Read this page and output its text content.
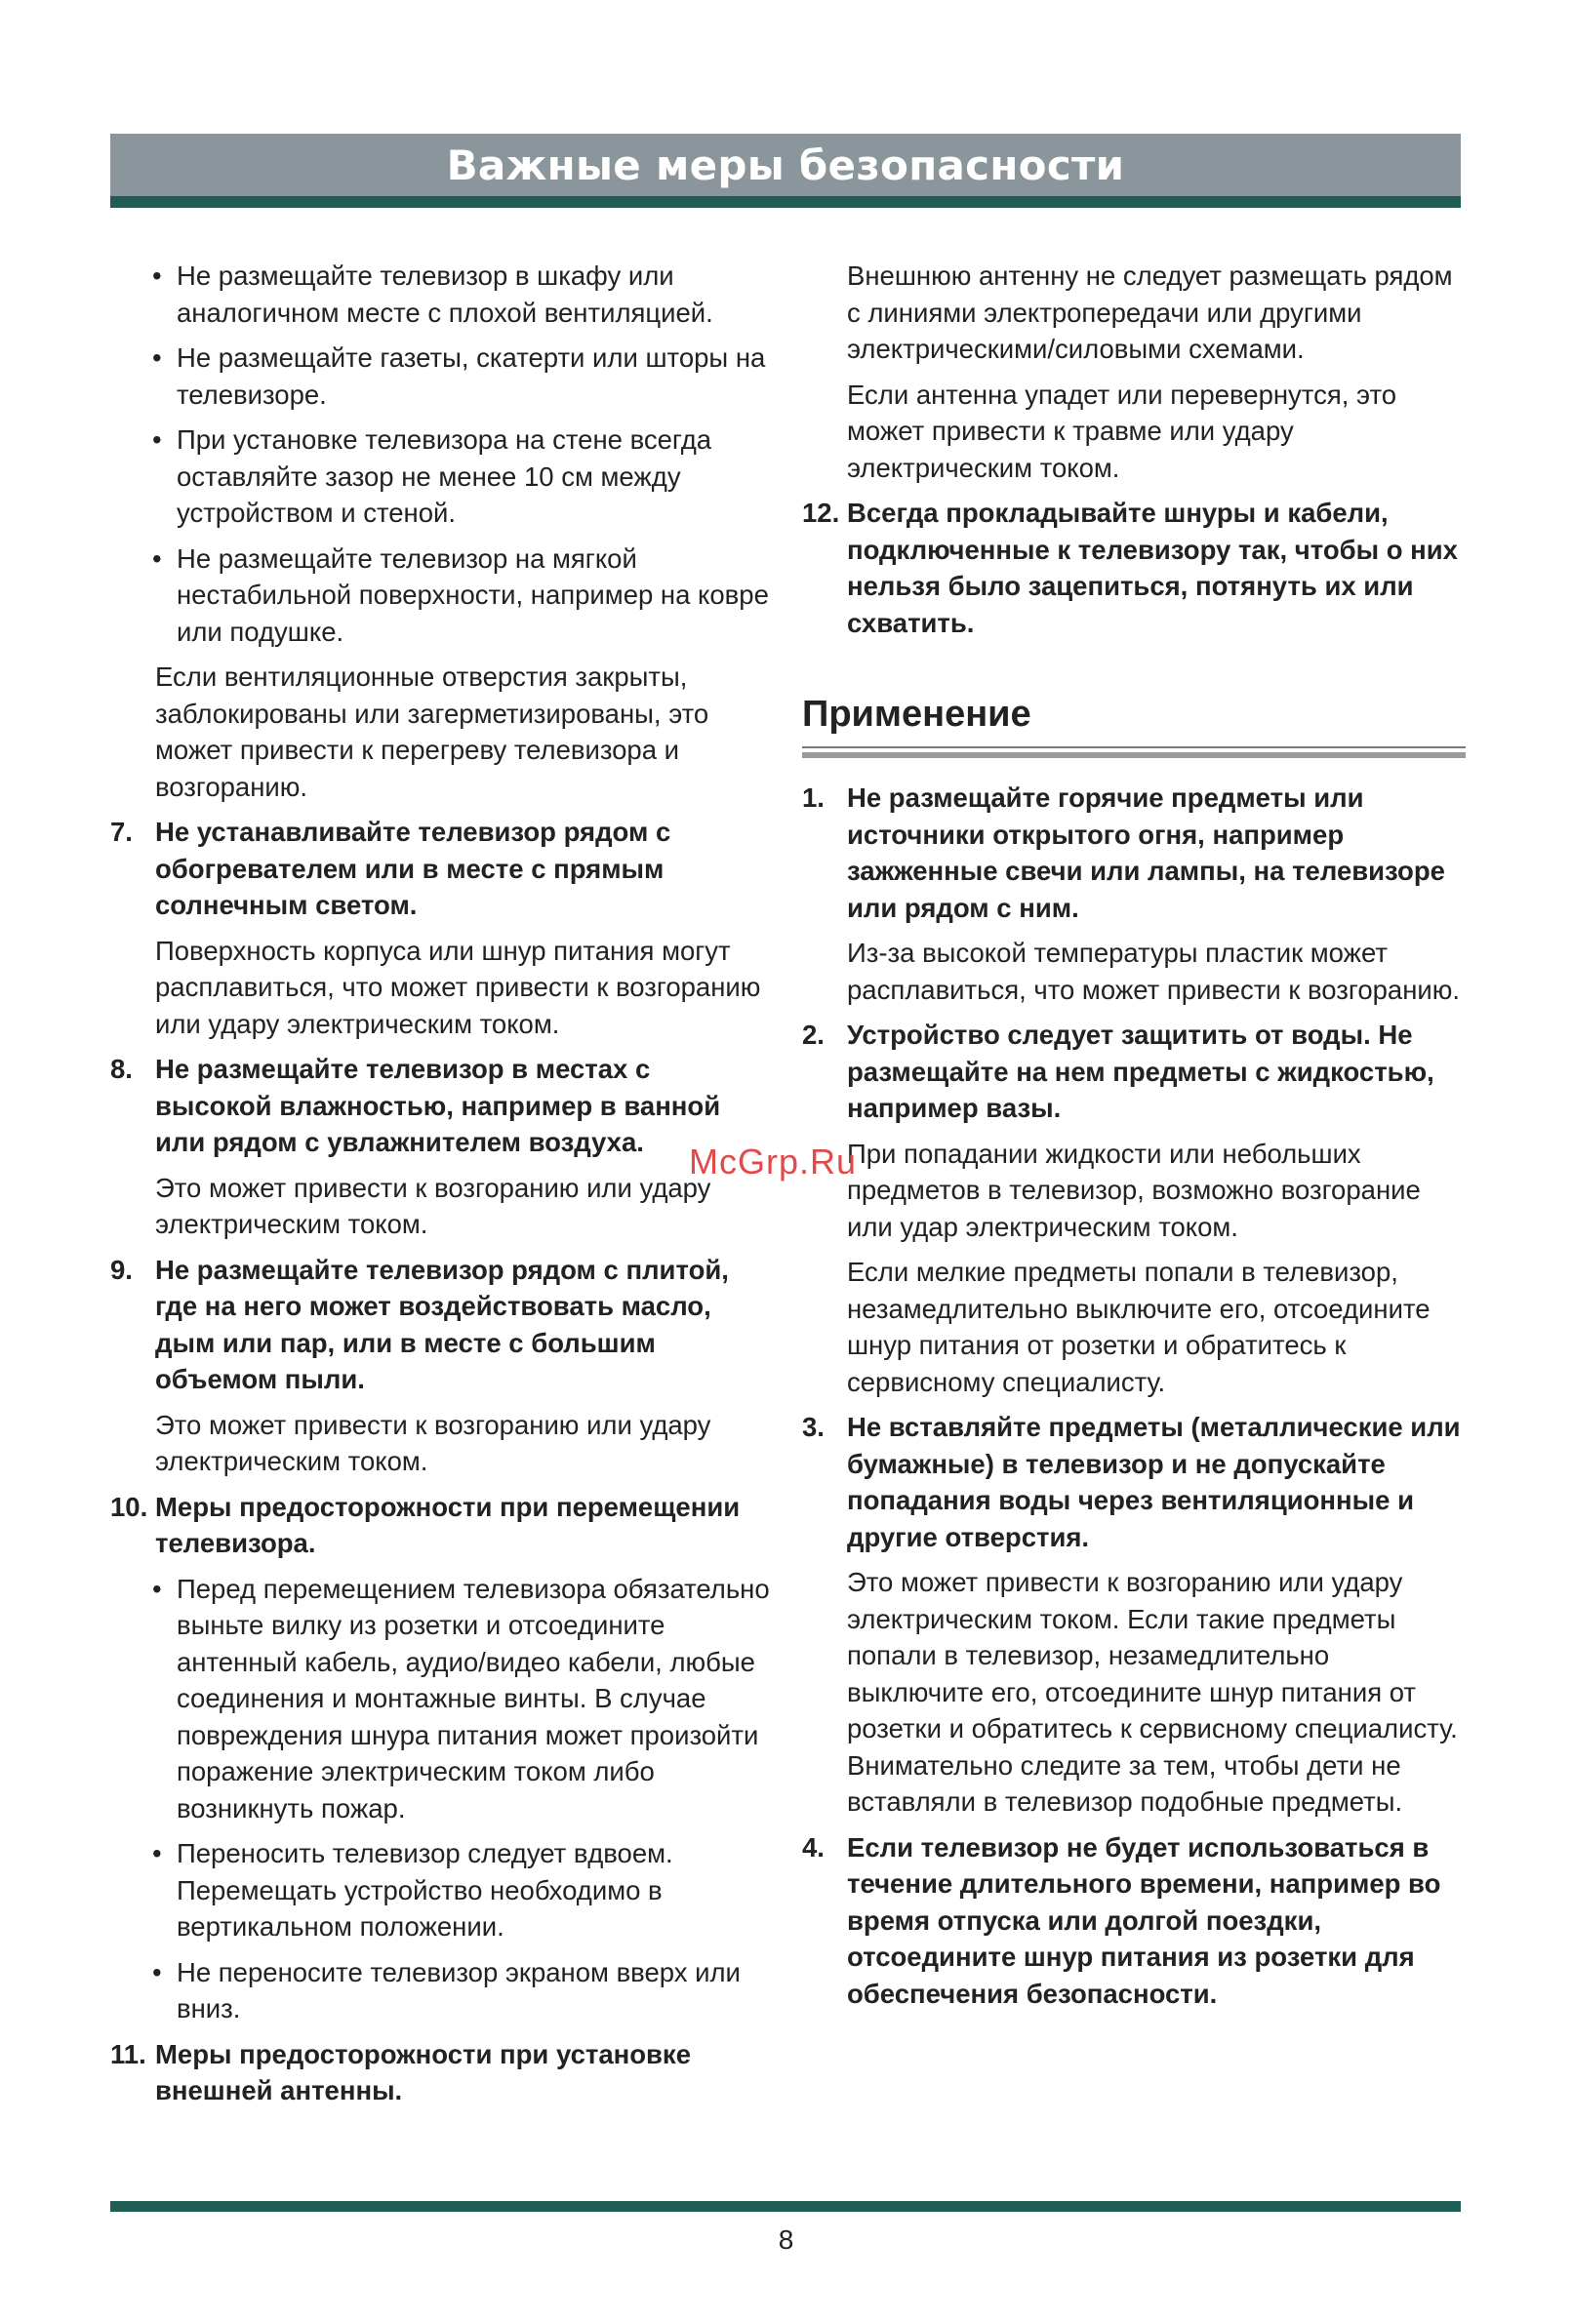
Важные меры безопасности
• Не размещайте телевизор в шкафу или аналогичном месте с плохой вентиляцией.
• Не размещайте газеты, скатерти или шторы на телевизоре.
• При установке телевизора на стене всегда оставляйте зазор не менее 10 см между устройством и стеной.
• Не размещайте телевизор на мягкой нестабильной поверхности, например на ковре или подушке.

Если вентиляционные отверстия закрыты, заблокированы или загерметизированы, это может привести к перегреву телевизора и возгоранию.

7. Не устанавливайте телевизор рядом с обогревателем или в месте с прямым солнечным светом.

Поверхность корпуса или шнур питания могут расплавиться, что может привести к возгоранию или удару электрическим током.

8. Не размещайте телевизор в местах с высокой влажностью, например в ванной или рядом с увлажнителем воздуха.

Это может привести к возгоранию или удару электрическим током.

9. Не размещайте телевизор рядом с плитой, где на него может воздействовать масло, дым или пар, или в месте с большим объемом пыли.

Это может привести к возгоранию или удару электрическим током.

10. Меры предосторожности при перемещении телевизора.
• Перед перемещением телевизора обязательно выньте вилку из розетки и отсоедините антенный кабель, аудио/видео кабели, любые соединения и монтажные винты. В случае повреждения шнура питания может произойти поражение электрическим током либо возникнуть пожар.
• Переносить телевизор следует вдвоем. Перемещать устройство необходимо в вертикальном положении.
• Не переносите телевизор экраном вверх или вниз.
11. Меры предосторожности при установке внешней антенны.

Внешнюю антенну не следует размещать рядом с линиями электропередачи или другими электрическими/силовыми схемами.

Если антенна упадет или перевернутся, это может привести к травме или удару электрическим током.

12. Всегда прокладывайте шнуры и кабели, подключенные к телевизору так, чтобы о них нельзя было зацепиться, потянуть их или схватить.
Применение
1. Не размещайте горячие предметы или источники открытого огня, например зажженные свечи или лампы, на телевизоре или рядом с ним.

Из-за высокой температуры пластик может расплавиться, что может привести к возгоранию.

2. Устройство следует защитить от воды. Не размещайте на нем предметы с жидкостью, например вазы.

При попадании жидкости или небольших предметов в телевизор, возможно возгорание или удар электрическим током.

Если мелкие предметы попали в телевизор, незамедлительно выключите его, отсоедините шнур питания от розетки и обратитесь к сервисному специалисту.

3. Не вставляйте предметы (металлические или бумажные) в телевизор и не допускайте попадания воды через вентиляционные и другие отверстия.

Это может привести к возгоранию или удару электрическим током. Если такие предметы попали в телевизор, незамедлительно выключите его, отсоедините шнур питания от розетки и обратитесь к сервисному специалисту. Внимательно следите за тем, чтобы дети не вставляли в телевизор подобные предметы.

4. Если телевизор не будет использоваться в течение длительного времени, например во время отпуска или долгой поездки, отсоедините шнур питания из розетки для обеспечения безопасности.
McGrp.Ru
8
